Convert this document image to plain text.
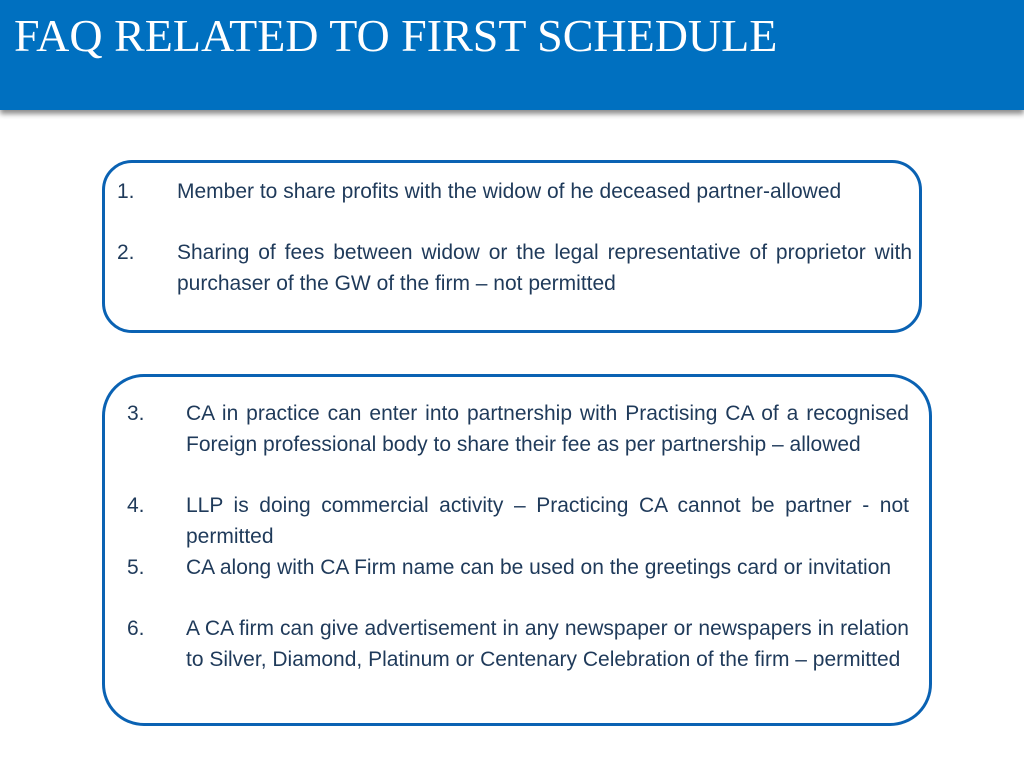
FAQ RELATED TO FIRST SCHEDULE
1.	Member to share profits with the widow of he deceased partner-allowed
2.	Sharing of fees between widow or the legal representative of proprietor with purchaser of the GW of the firm – not permitted
3.	CA in practice can enter into partnership with Practising CA of a recognised Foreign professional body to share their fee as per partnership – allowed
4.	LLP is doing commercial activity – Practicing CA cannot be partner - not permitted
5.	CA along with CA Firm name can be used on the greetings card or invitation
6.	A CA firm can give advertisement in any newspaper or newspapers in relation to Silver, Diamond, Platinum or Centenary Celebration of the firm – permitted
